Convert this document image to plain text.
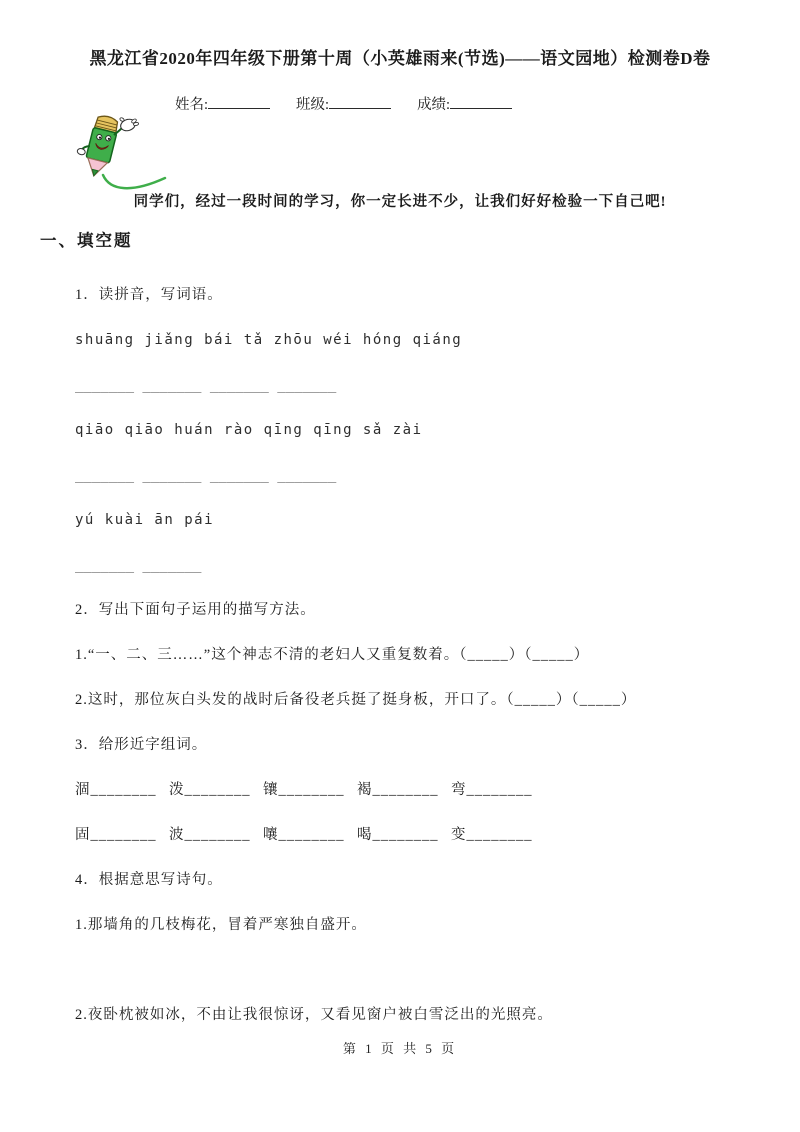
黑龙江省2020年四年级下册第十周（小英雄雨来(节选)——语文园地）检测卷D卷
姓名:	班级:	成绩:
同学们，经过一段时间的学习，你一定长进不少，让我们好好检验一下自己吧!
一、填空题
1．读拼音，写词语。
shuāng jiǎng bái tǎ zhōu wéi hóng qiáng
_______ _______ _______ _______
qiāo qiāo huán rào qīng qīng sǎ zài
_______ _______ _______ _______
yú kuài ān pái
_______ _______
2．写出下面句子运用的描写方法。
1.“一、二、三……”这个神志不清的老妇人又重复数着。（_____）（_____）
2.这时，那位灰白头发的战时后备役老兵挺了挺身板，开口了。（_____）（_____）
3．给形近字组词。
涸________ 泼________ 镶________ 褐________ 弯________
固________ 波________ 嚷________ 喝________ 变________
4．根据意思写诗句。
1.那墙角的几枝梅花，冒着严寒独自盛开。
2.夜卧枕被如冰，不由让我很惊讶，又看见窗户被白雪泛出的光照亮。
第 1 页 共 5 页
